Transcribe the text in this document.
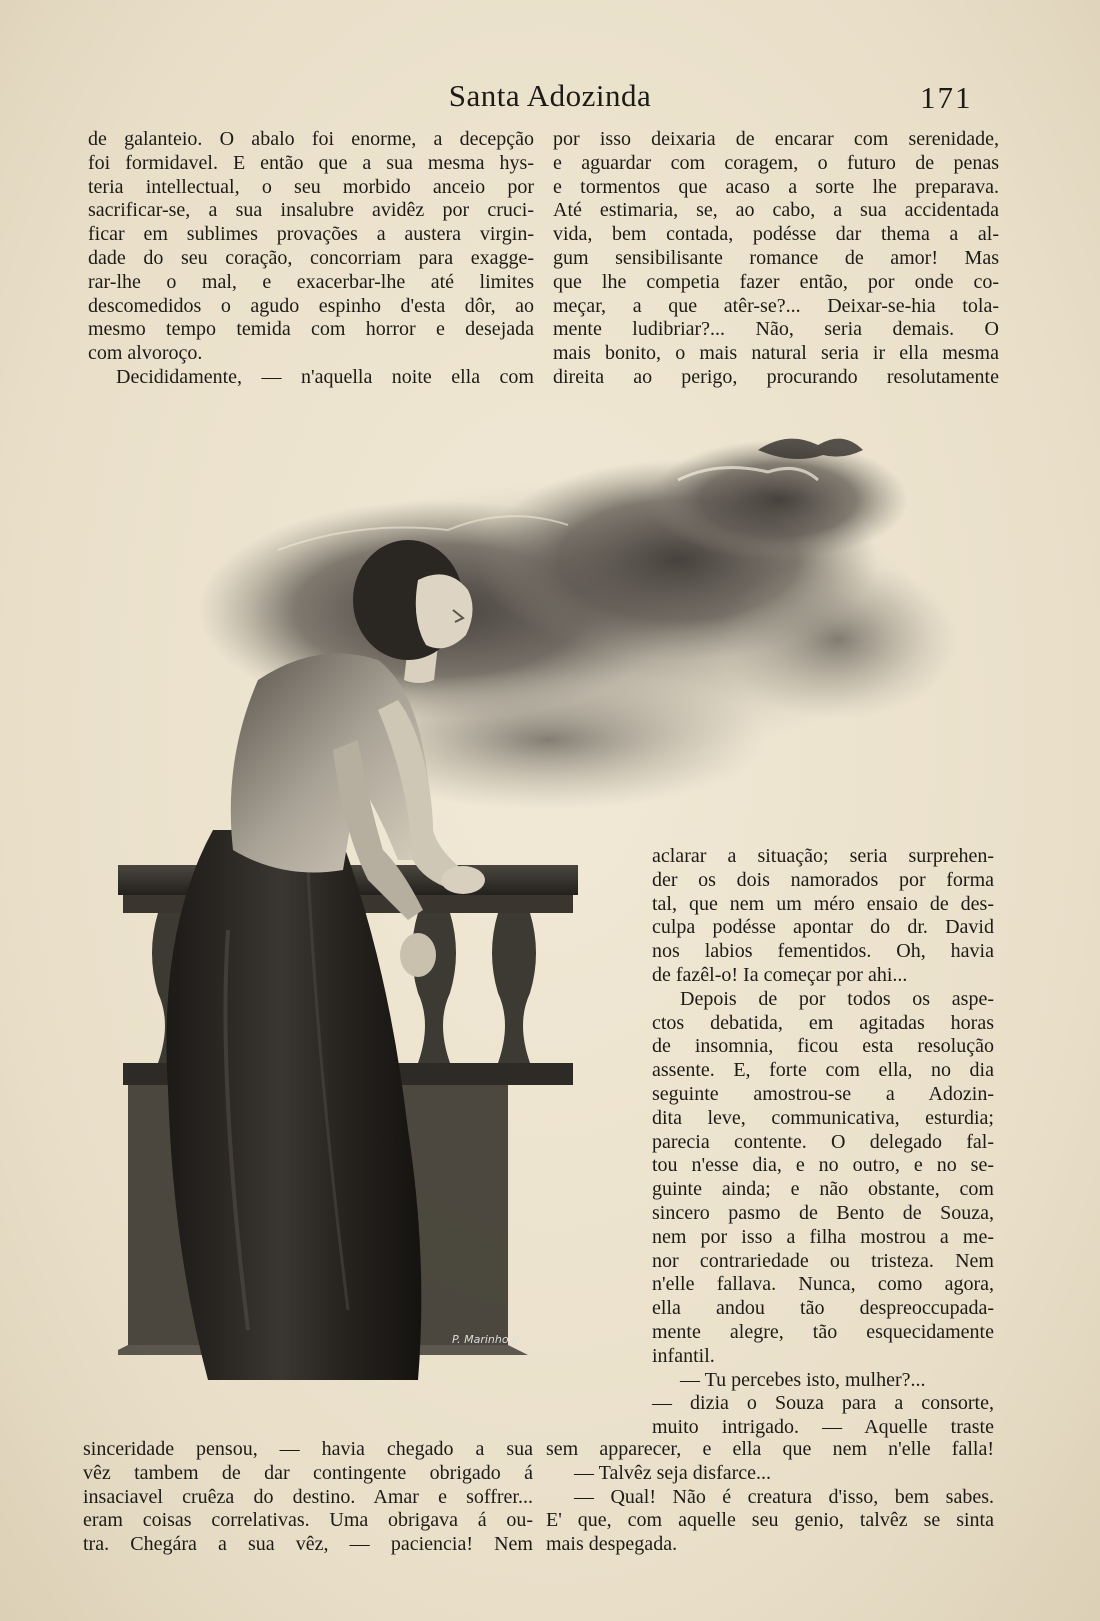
Santa Adozinda	171

de galanteio. O abalo foi enorme, a decepção

foi formidavel. E então que a sua mesma hys-

teria intellectual, o seu morbido anceio por

sacrificar-se, a sua insalubre avidêz por cruci-

ficar em sublimes provações a austera virgin-

dade do seu coração, concorriam para exagge-

rar-lhe o mal, e exacerbar-lhe até limites

descomedidos o agudo espinho d'esta dôr, ao

mesmo tempo temida com horror e desejada

com alvoroço.

Decididamente, — n'aquella noite ella com

por isso deixaria de encarar com serenidade,

e aguardar com coragem, o futuro de penas

e tormentos que acaso a sorte lhe preparava.

Até estimaria, se, ao cabo, a sua accidentada

vida, bem contada, podésse dar thema a al-

gum sensibilisante romance de amor! Mas

que lhe competia fazer então, por onde co-

meçar, a que atêr-se?... Deixar-se-hia tola-

mente ludibriar?... Não, seria demais. O

mais bonito, o mais natural seria ir ella mesma

direita ao perigo, procurando resolutamente

P. Marinho Jr.

aclarar a situação; seria surprehen-

der os dois namorados por forma

tal, que nem um méro ensaio de des-

culpa podésse apontar do dr. David

nos labios fementidos. Oh, havia

de fazêl-o! Ia começar por ahi...

Depois de por todos os aspe-

ctos debatida, em agitadas horas

de insomnia, ficou esta resolução

assente. E, forte com ella, no dia

seguinte amostrou-se a Adozin-

dita leve, communicativa, esturdia;

parecia contente. O delegado fal-

tou n'esse dia, e no outro, e no se-

guinte ainda; e não obstante, com

sincero pasmo de Bento de Souza,

nem por isso a filha mostrou a me-

nor contrariedade ou tristeza. Nem

n'elle fallava. Nunca, como agora,

ella andou tão despreoccupada-

mente alegre, tão esquecidamente

infantil.

— Tu percebes isto, mulher?...

— dizia o Souza para a consorte,

muito intrigado. — Aquelle traste

sinceridade pensou, — havia chegado a sua

vêz tambem de dar contingente obrigado á

insaciavel cruêza do destino. Amar e soffrer...

eram coisas correlativas. Uma obrigava á ou-

tra. Chegára a sua vêz, — paciencia! Nem

sem apparecer, e ella que nem n'elle falla!

— Talvêz seja disfarce...

— Qual! Não é creatura d'isso, bem sabes.

E' que, com aquelle seu genio, talvêz se sinta

mais despegada.
